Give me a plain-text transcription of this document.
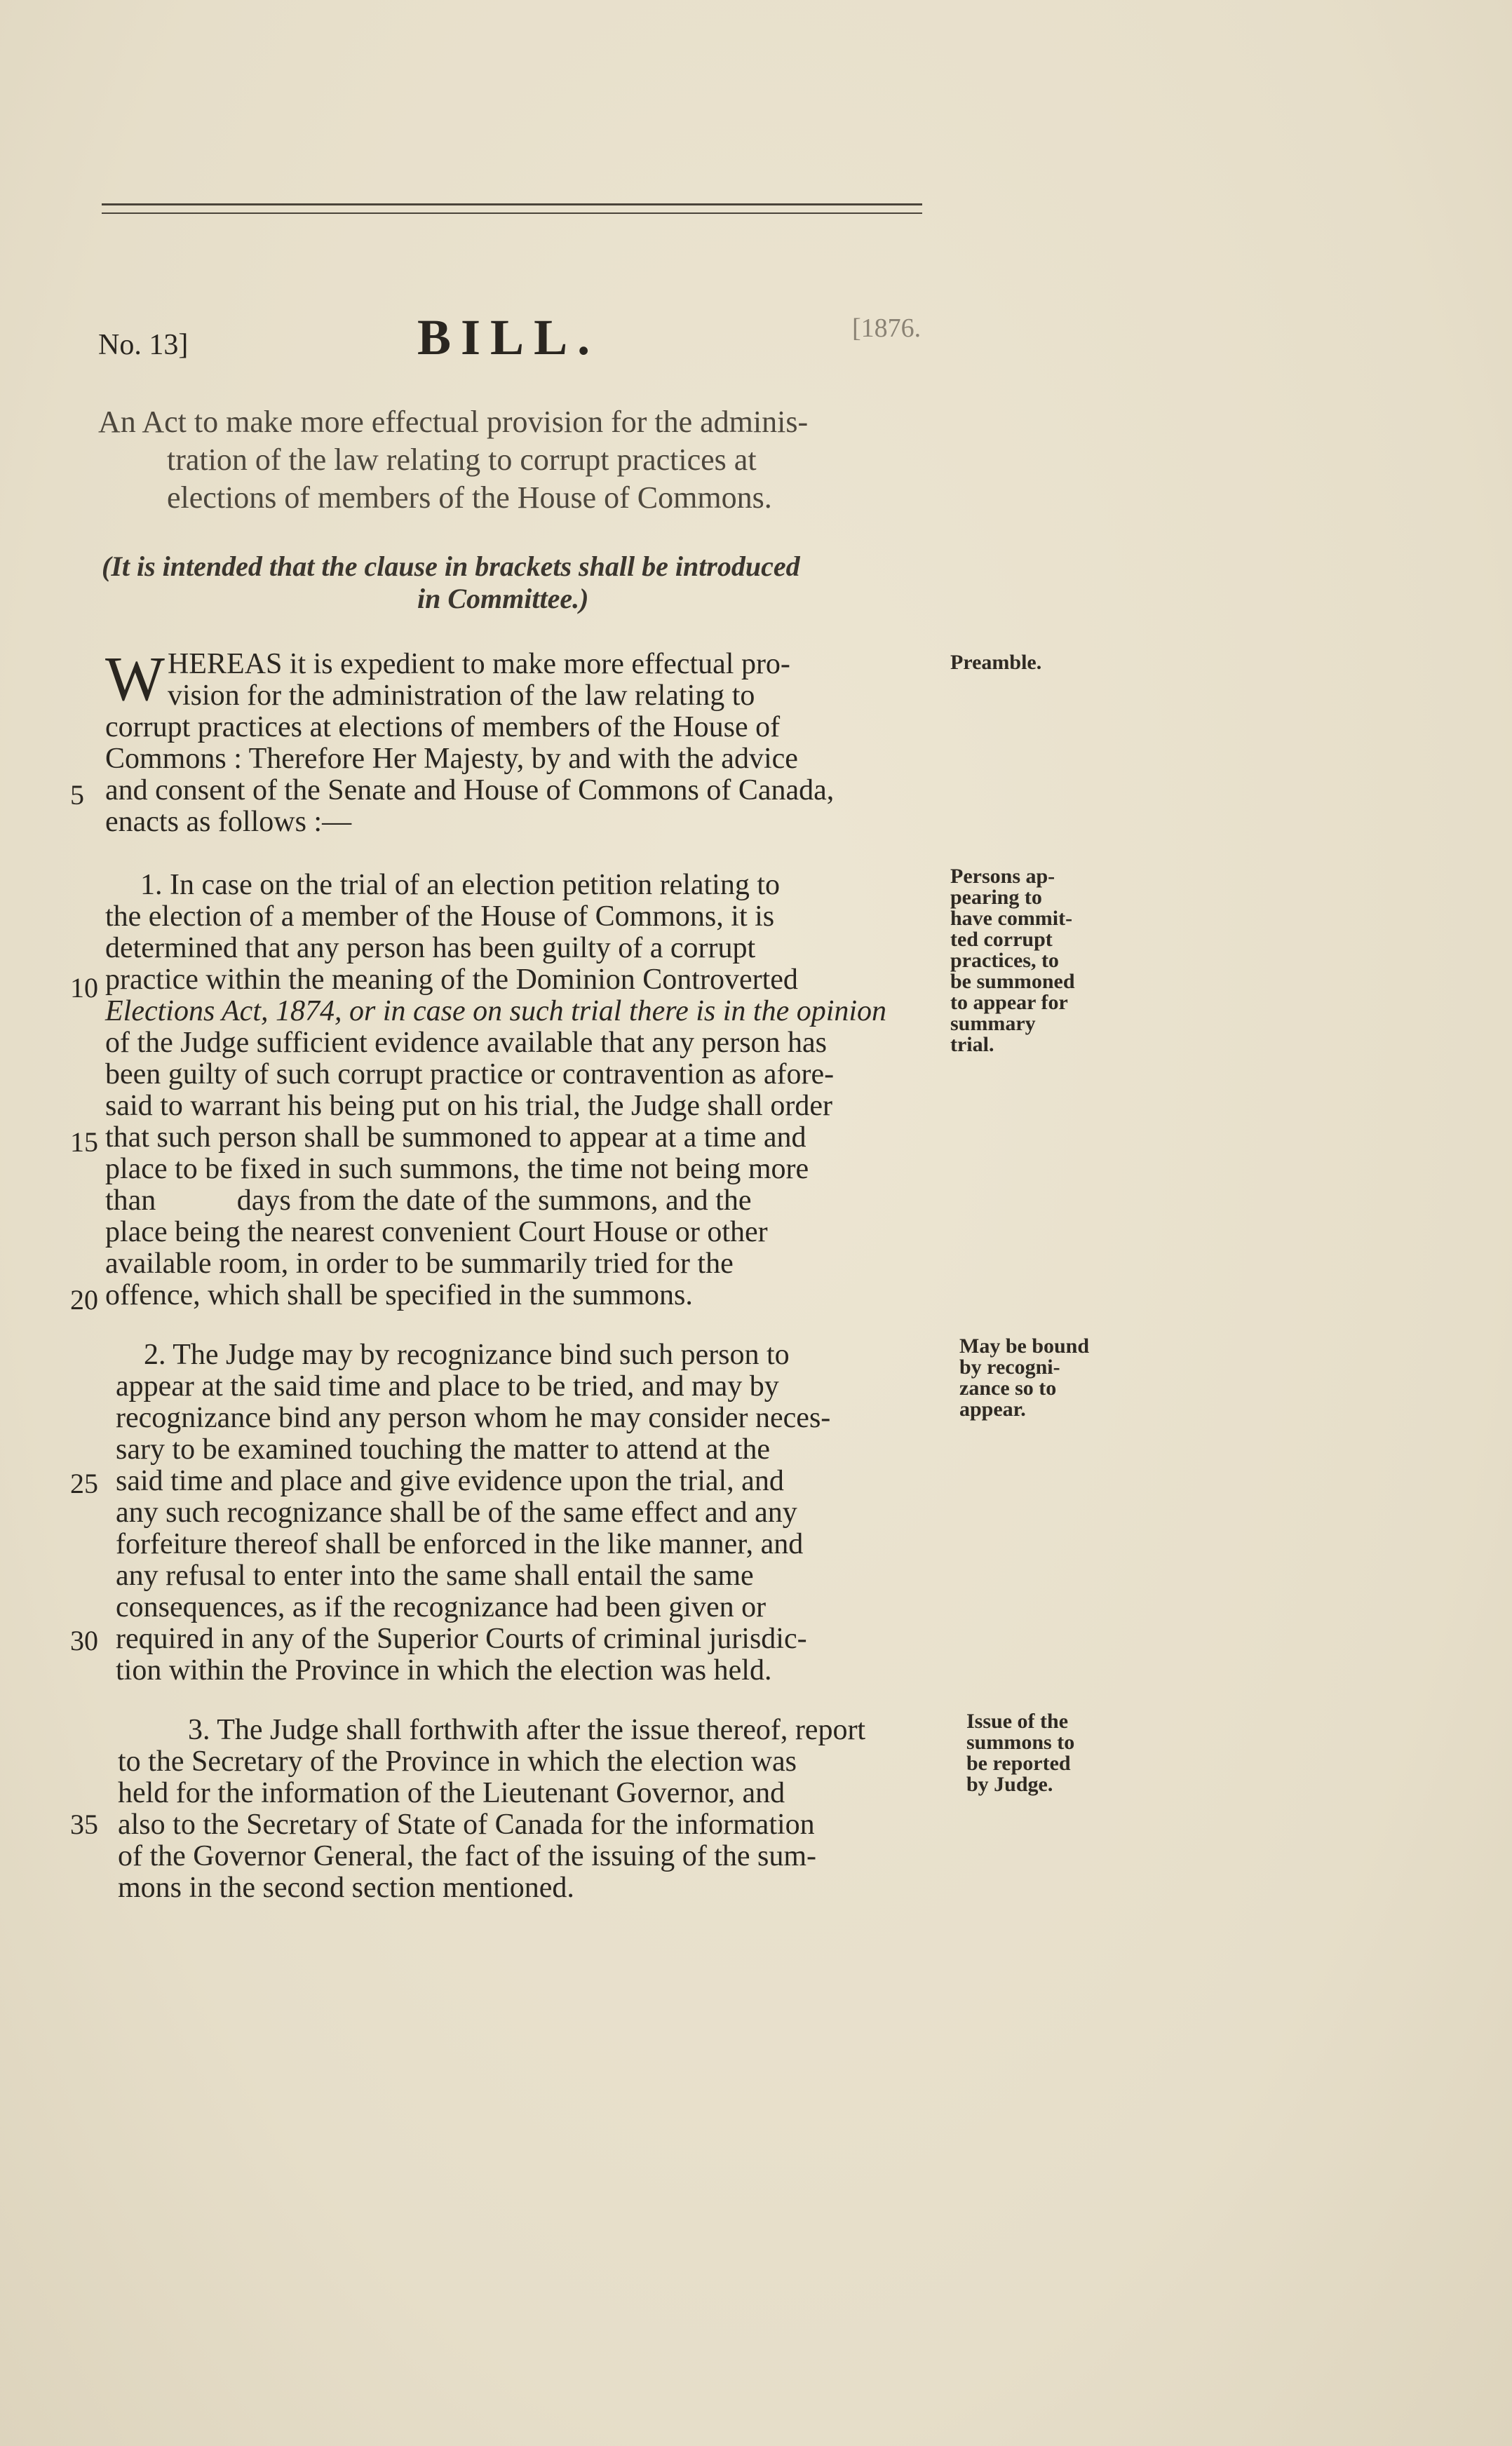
No. 13]	BILL.	[1876.
An Act to make more effectual provision for the adminis-
tration of the law relating to corrupt practices at
elections of members of the House of Commons.
(It is intended that the clause in brackets shall be introduced
in Committee.)
W HEREAS it is expedient to make more effectual pro-
vision for the administration of the law relating to
corrupt practices at elections of members of the House of
Commons : Therefore Her Majesty, by and with the advice
and consent of the Senate and House of Commons of Canada,
enacts as follows :—
Preamble.
5
1. In case on the trial of an election petition relating to
the election of a member of the House of Commons, it is
determined that any person has been guilty of a corrupt
practice within the meaning of the Dominion Controverted
Elections Act, 1874, or in case on such trial there is in the opinion
of the Judge sufficient evidence available that any person has
been guilty of such corrupt practice or contravention as afore-
said to warrant his being put on his trial, the Judge shall order
that such person shall be summoned to appear at a time and
place to be fixed in such summons, the time not being more
than           days from the date of the summons, and the
place being the nearest convenient Court House or other
available room, in order to be summarily tried for the
offence, which shall be specified in the summons.
Persons ap-
pearing to
have commit-
ted corrupt
practices, to
be summoned
to appear for
summary
trial.
10
15
20
2. The Judge may by recognizance bind such person to
appear at the said time and place to be tried, and may by
recognizance bind any person whom he may consider neces-
sary to be examined touching the matter to attend at the
said time and place and give evidence upon the trial, and
any such recognizance shall be of the same effect and any
forfeiture thereof shall be enforced in the like manner, and
any refusal to enter into the same shall entail the same
consequences, as if the recognizance had been given or
required in any of the Superior Courts of criminal jurisdic-
tion within the Province in which the election was held.
May be bound
by recogni-
zance so to
appear.
25
30
3. The Judge shall forthwith after the issue thereof, report
to the Secretary of the Province in which the election was
held for the information of the Lieutenant Governor, and
also to the Secretary of State of Canada for the information
of the Governor General, the fact of the issuing of the sum-
mons in the second section mentioned.
Issue of the
summons to
be reported
by Judge.
35
